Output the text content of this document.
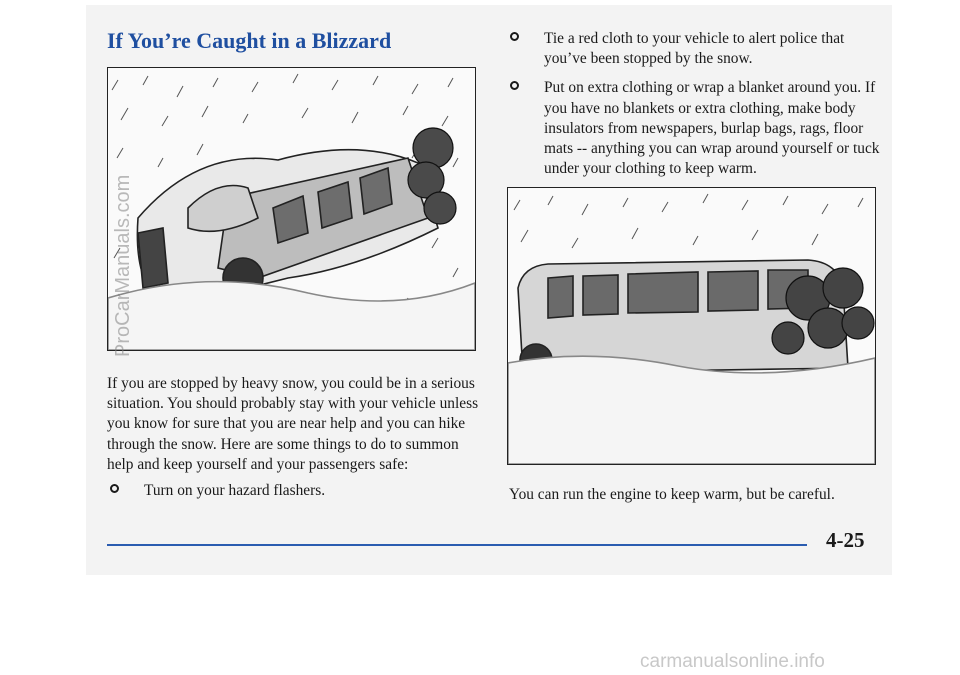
If You’re Caught in a Blizzard

If you are stopped by heavy snow, you could be in a serious situation. You should probably stay with your vehicle unless you know for sure that you are near help and you can hike through the snow. Here are some things to do to summon help and keep yourself and your passengers safe:

Turn on your hazard flashers.
Tie a red cloth to your vehicle to alert police that you’ve been stopped by the snow.
Put on extra clothing or wrap a blanket around you. If you have no blankets or extra clothing, make body insulators from newspapers, burlap bags, rags, floor mats -- anything you can wrap around yourself or tuck under your clothing to keep warm.

You can run the engine to keep warm, but be careful.

4-25

ProCarManuals.com
carmanualsonline.info
